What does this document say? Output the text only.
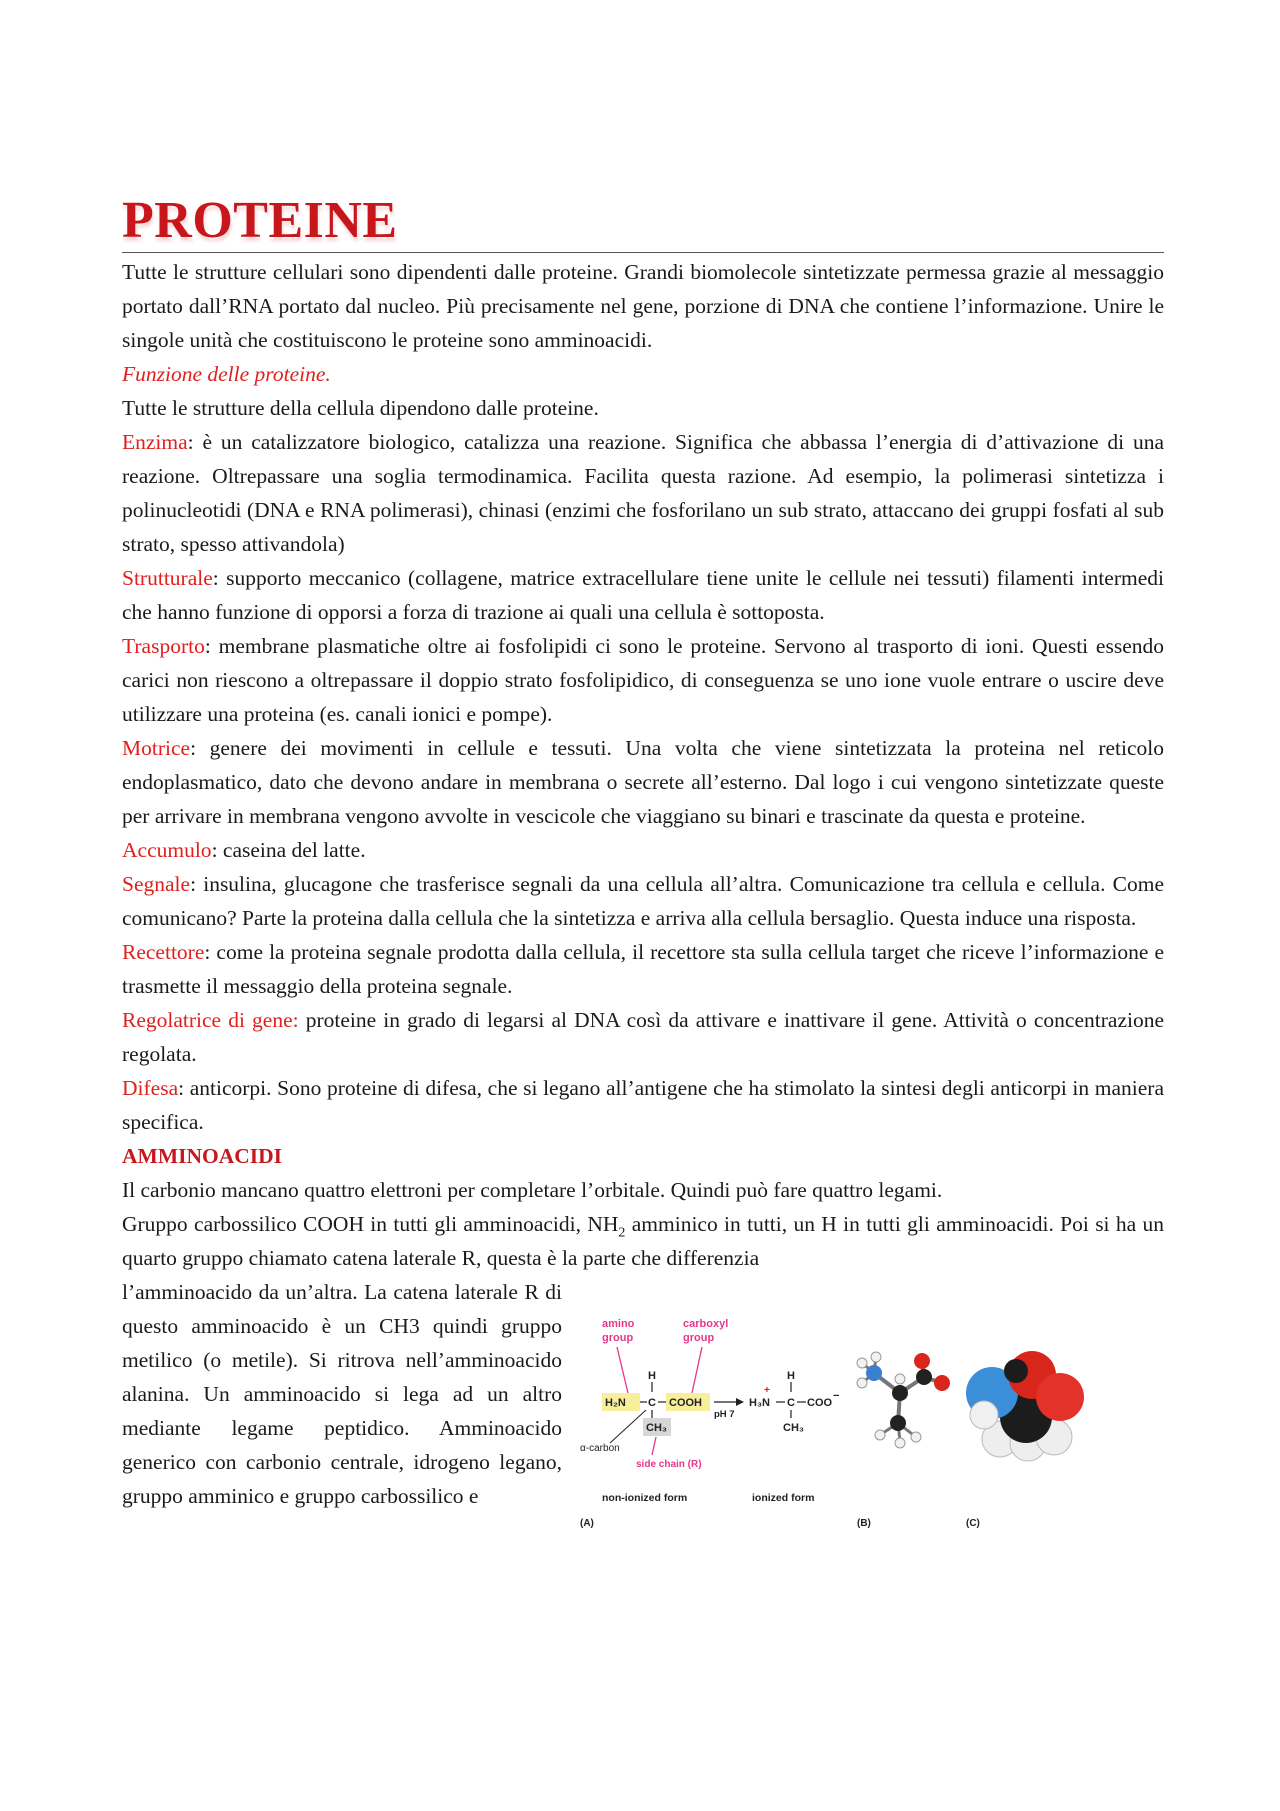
PROTEINE

Tutte le strutture cellulari sono dipendenti dalle proteine. Grandi biomolecole sintetizzate permessa grazie al messaggio portato dall’RNA portato dal nucleo. Più precisamente nel gene, porzione di DNA che contiene l’informazione. Unire le singole unità che costituiscono le proteine sono amminoacidi.

Funzione delle proteine.

Tutte le strutture della cellula dipendono dalle proteine.

Enzima: è un catalizzatore biologico, catalizza una reazione. Significa che abbassa l’energia di d’attivazione di una reazione. Oltrepassare una soglia termodinamica. Facilita questa razione. Ad esempio, la polimerasi sintetizza i polinucleotidi (DNA e RNA polimerasi), chinasi (enzimi che fosforilano un sub strato, attaccano dei gruppi fosfati al sub strato, spesso attivandola)

Strutturale: supporto meccanico (collagene, matrice extracellulare tiene unite le cellule nei tessuti) filamenti intermedi che hanno funzione di opporsi a forza di trazione ai quali una cellula è sottoposta.

Trasporto: membrane plasmatiche oltre ai fosfolipidi ci sono le proteine. Servono al trasporto di ioni. Questi essendo carici non riescono a oltrepassare il doppio strato fosfolipidico, di conseguenza se uno ione vuole entrare o uscire deve utilizzare una proteina (es. canali ionici e pompe).

Motrice: genere dei movimenti in cellule e tessuti. Una volta che viene sintetizzata la proteina nel reticolo endoplasmatico, dato che devono andare in membrana o secrete all’esterno. Dal logo i cui vengono sintetizzate queste per arrivare in membrana vengono avvolte in vescicole che viaggiano su binari e trascinate da questa e proteine.

Accumulo: caseina del latte.

Segnale: insulina, glucagone che trasferisce segnali da una cellula all’altra. Comunicazione tra cellula e cellula. Come comunicano? Parte la proteina dalla cellula che la sintetizza e arriva alla cellula bersaglio. Questa induce una risposta.

Recettore: come la proteina segnale prodotta dalla cellula, il recettore sta sulla cellula target che riceve l’informazione e trasmette il messaggio della proteina segnale.

Regolatrice di gene: proteine in grado di legarsi al DNA così da attivare e inattivare il gene. Attività o concentrazione regolata.

Difesa: anticorpi. Sono proteine di difesa, che si legano all’antigene che ha stimolato la sintesi degli anticorpi in maniera specifica.

AMMINOACIDI

Il carbonio mancano quattro elettroni per completare l’orbitale. Quindi può fare quattro legami.

Gruppo carbossilico COOH in tutti gli amminoacidi, $NH_2$ amminico in tutti, un H in tutti gli amminoacidi. Poi si ha un quarto gruppo chiamato catena laterale R, questa è la parte che differenzia

l’amminoacido da un’altra. La catena laterale R di questo amminoacido è un CH3 quindi gruppo metilico (o metile). Si ritrova nell’amminoacido alanina. Un amminoacido si lega ad un altro mediante legame peptidico. Amminoacido generico con carbonio centrale, idrogeno legano, gruppo amminico e gruppo carbossilico e

amino
group
carboxyl
group
H
H₂N C COOH
CH₃
α-carbon
side chain (R)
pH 7
H
+
H₃N C COO
−
CH₃
non-ionized form	ionized form
(A)	(B)	(C)
